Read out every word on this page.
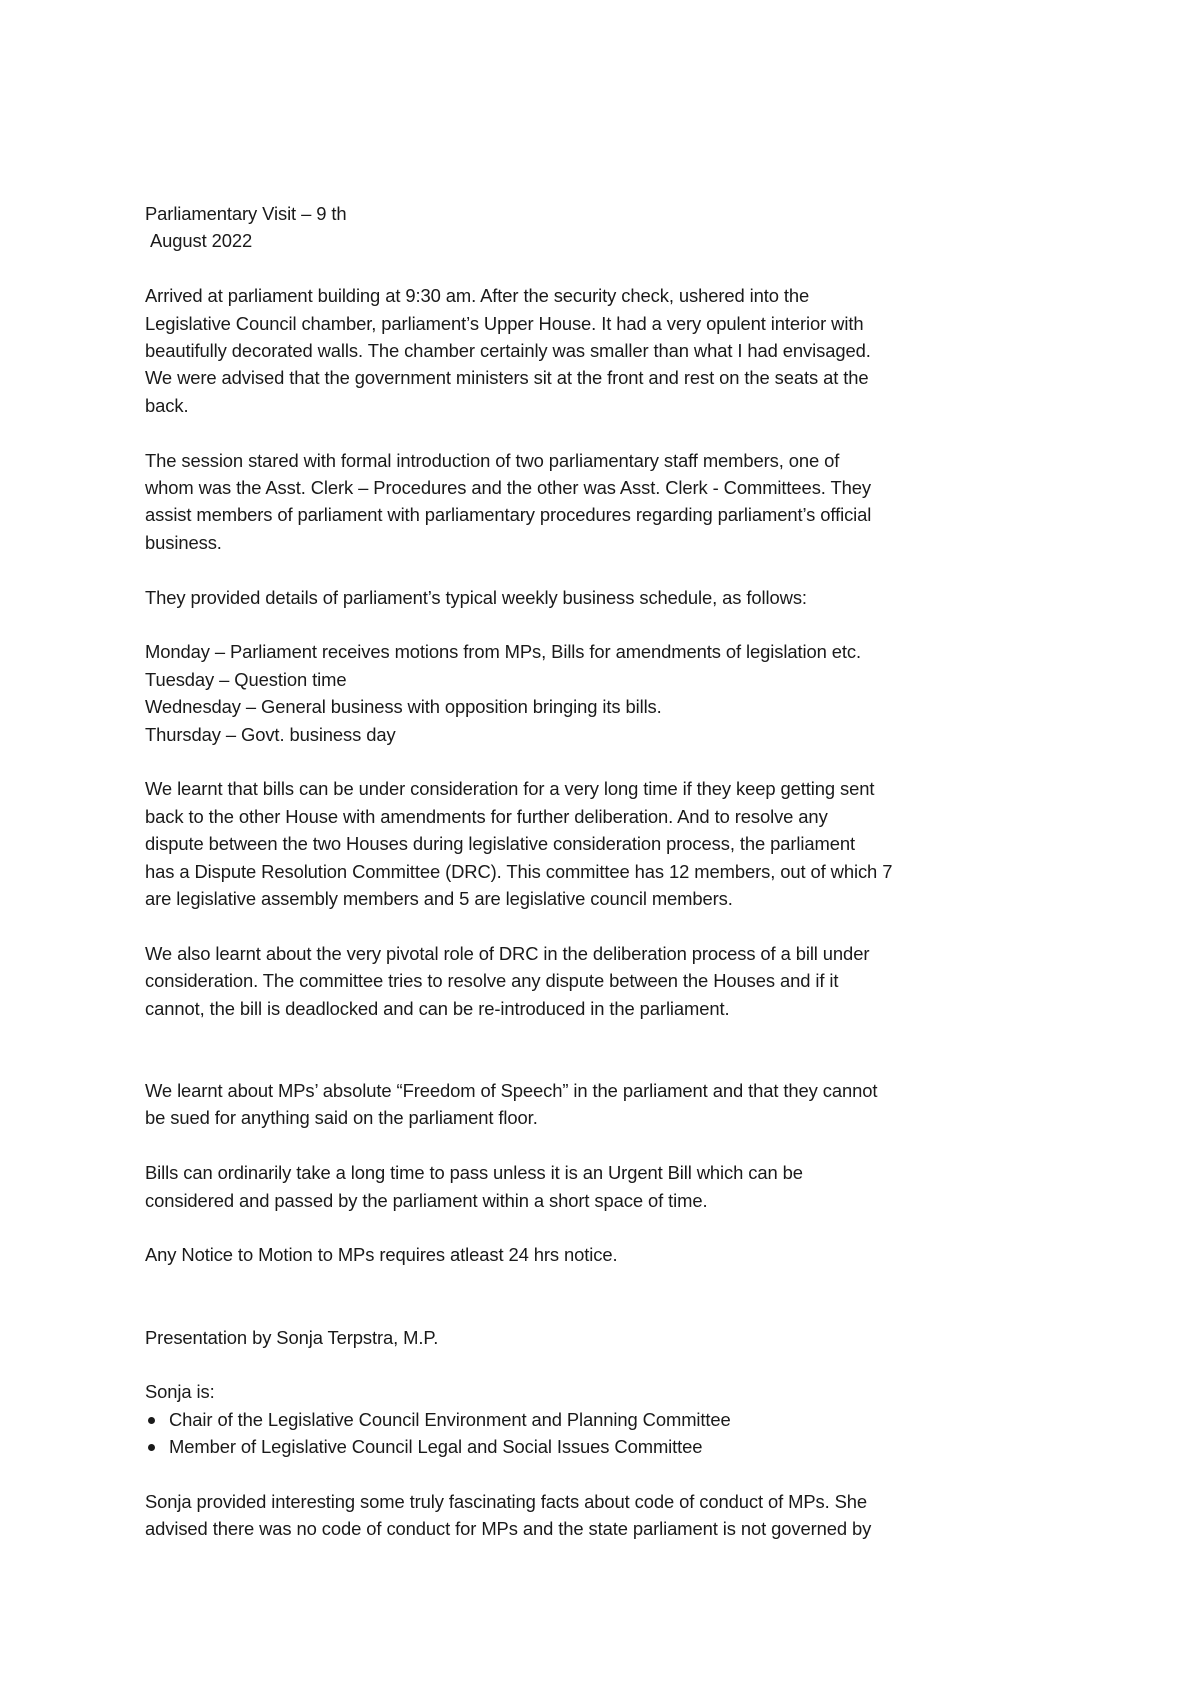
Parliamentary Visit – 9 th
August 2022
Arrived at parliament building at 9:30 am. After the security check, ushered into the
Legislative Council chamber, parliament’s Upper House. It had a very opulent interior with
beautifully decorated walls. The chamber certainly was smaller than what I had envisaged.
We were advised that the government ministers sit at the front and rest on the seats at the
back.
The session stared with formal introduction of two parliamentary staff members, one of
whom was the Asst. Clerk – Procedures and the other was Asst. Clerk - Committees. They
assist members of parliament with parliamentary procedures regarding parliament’s official
business.
They provided details of parliament’s typical weekly business schedule, as follows:
Monday – Parliament receives motions from MPs, Bills for amendments of legislation etc.
Tuesday – Question time
Wednesday – General business with opposition bringing its bills.
Thursday – Govt. business day
We learnt that bills can be under consideration for a very long time if they keep getting sent
back to the other House with amendments for further deliberation. And to resolve any
dispute between the two Houses during legislative consideration process, the parliament
has a Dispute Resolution Committee (DRC). This committee has 12 members, out of which 7
are legislative assembly members and 5 are legislative council members.
We also learnt about the very pivotal role of DRC in the deliberation process of a bill under
consideration. The committee tries to resolve any dispute between the Houses and if it
cannot, the bill is deadlocked and can be re-introduced in the parliament.
We learnt about MPs’ absolute “Freedom of Speech” in the parliament and that they cannot
be sued for anything said on the parliament floor.
Bills can ordinarily take a long time to pass unless it is an Urgent Bill which can be
considered and passed by the parliament within a short space of time.
Any Notice to Motion to MPs requires atleast 24 hrs notice.
Presentation by Sonja Terpstra, M.P.
Sonja is:
Chair of the Legislative Council Environment and Planning Committee
Member of Legislative Council Legal and Social Issues Committee
Sonja provided interesting some truly fascinating facts about code of conduct of MPs. She
advised there was no code of conduct for MPs and the state parliament is not governed by
